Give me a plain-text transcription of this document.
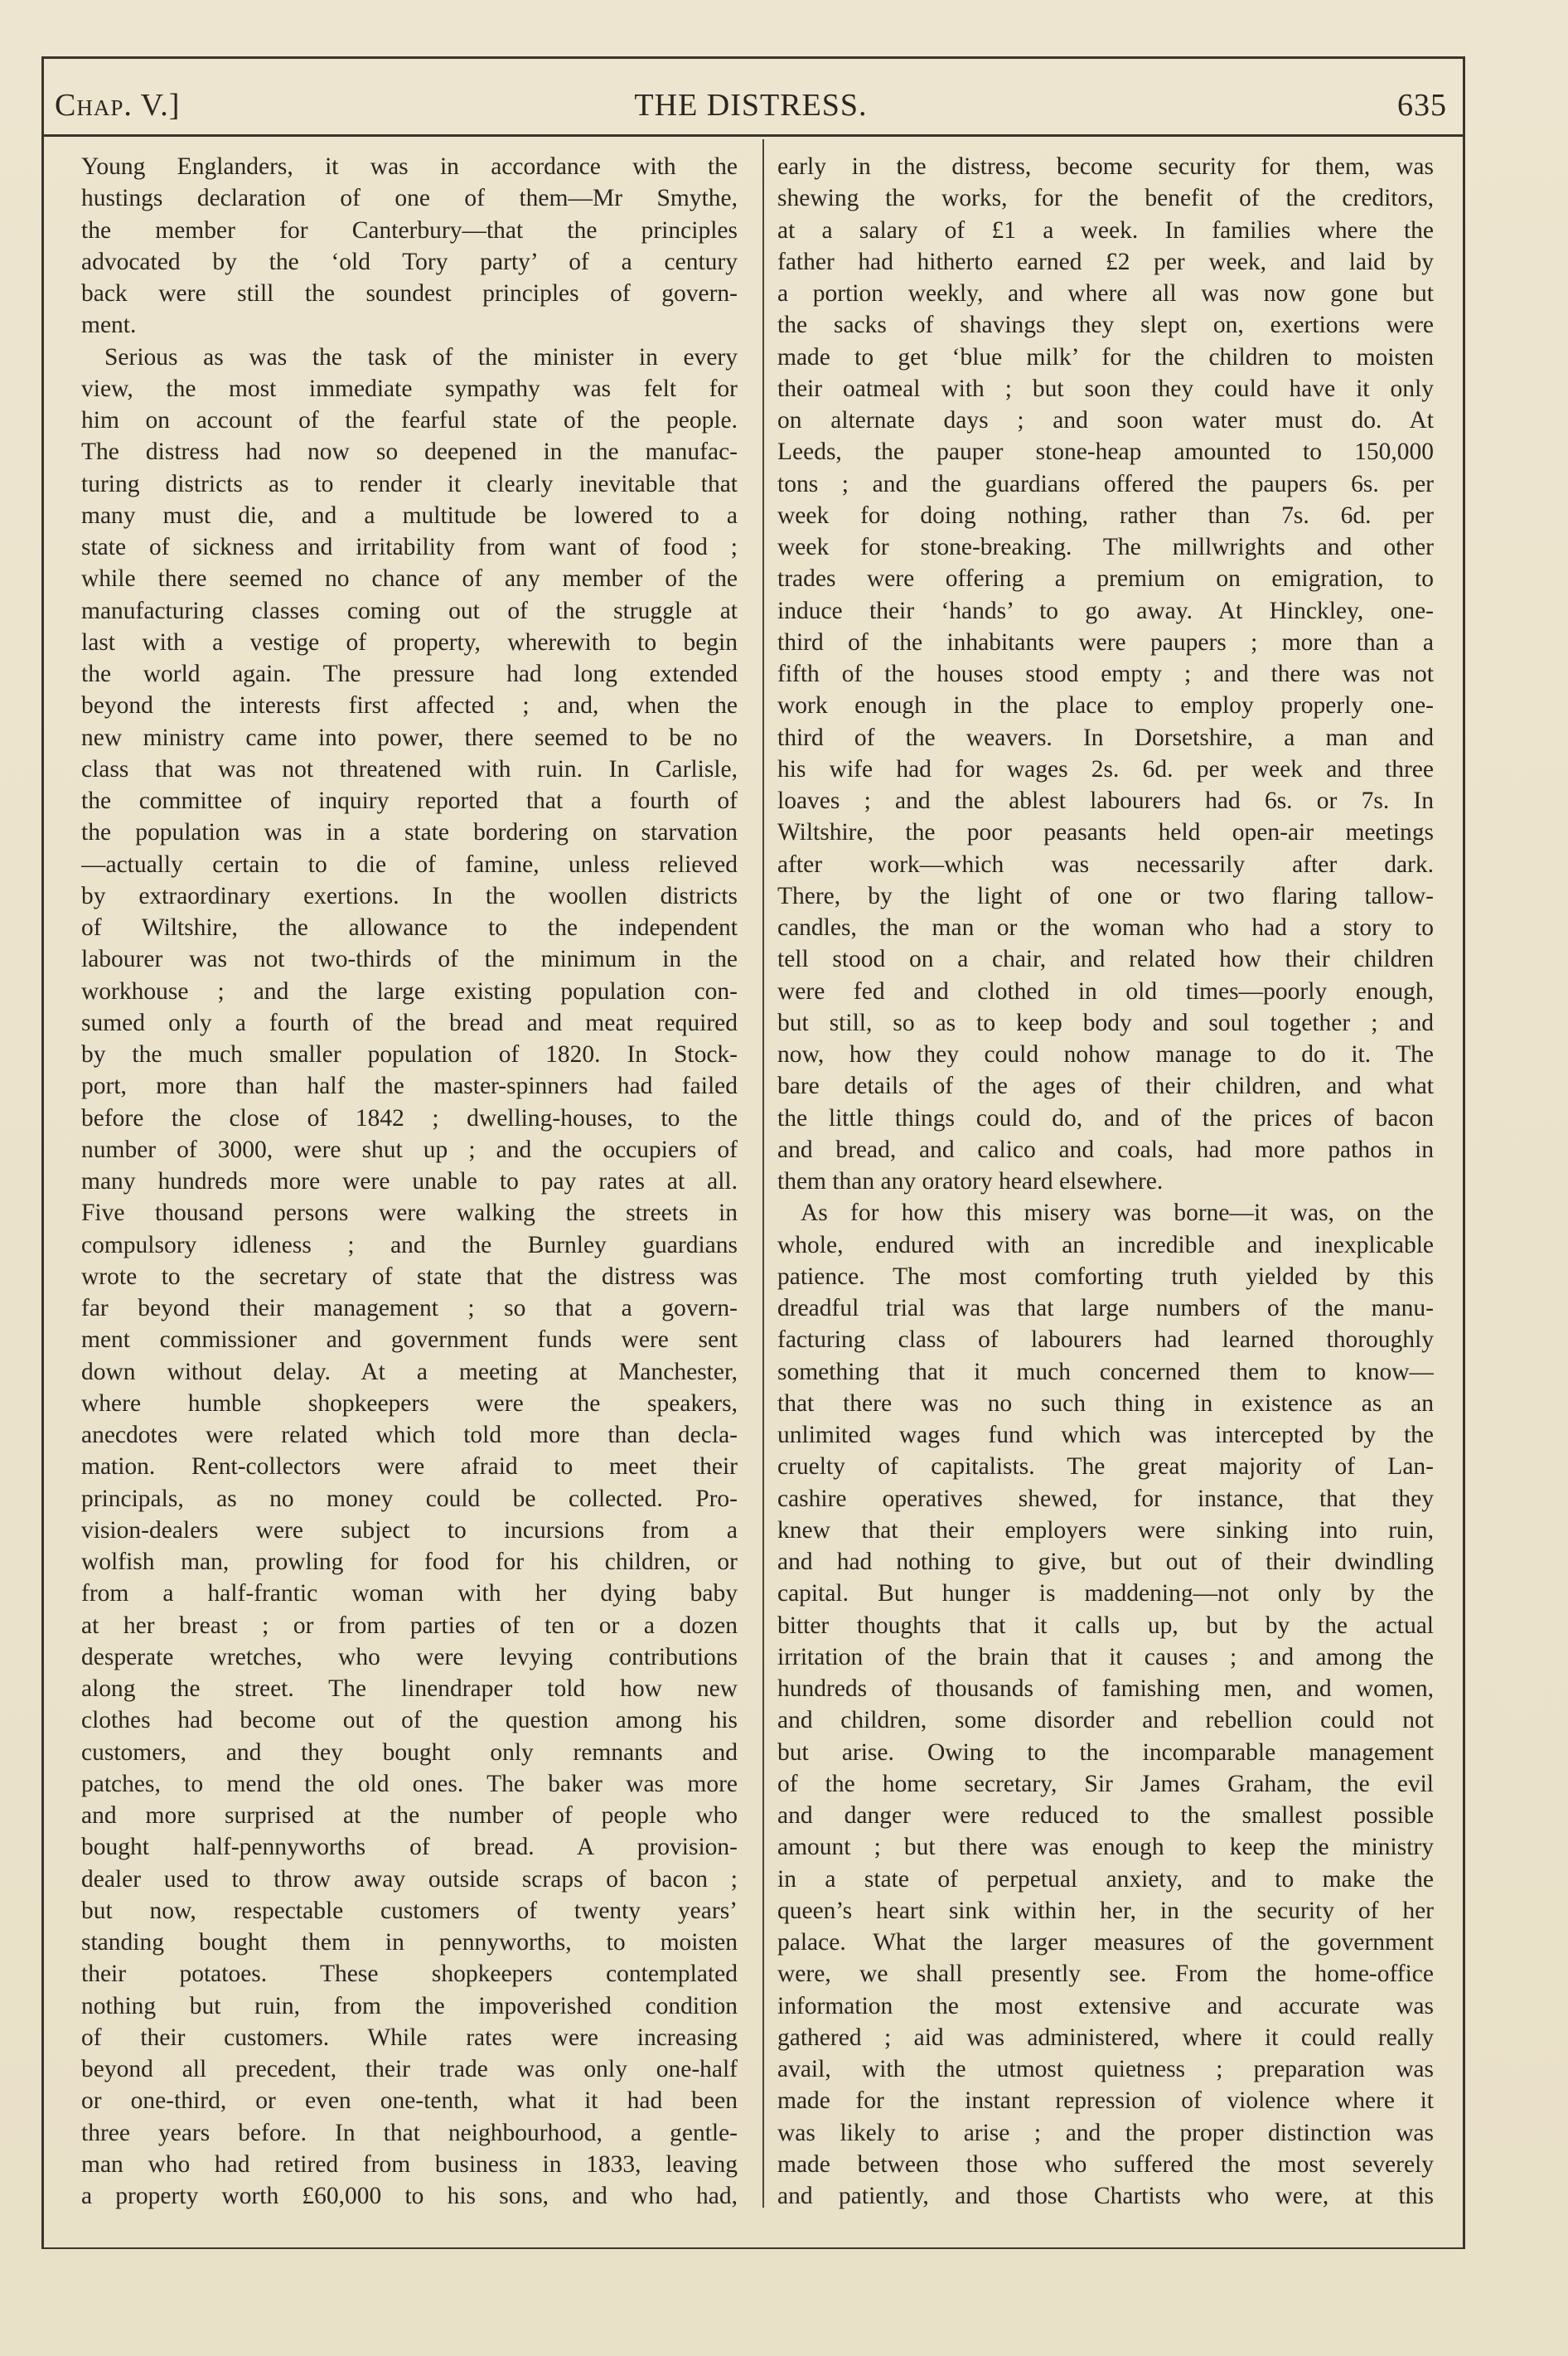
Chap. V.]	THE DISTRESS.	635
Young Englanders, it was in accordance with the
hustings declaration of one of them—Mr Smythe,
the member for Canterbury—that the principles
advocated by the ‘old Tory party’ of a century
back were still the soundest principles of govern-
ment.
Serious as was the task of the minister in every
view, the most immediate sympathy was felt for
him on account of the fearful state of the people.
The distress had now so deepened in the manufac-
turing districts as to render it clearly inevitable that
many must die, and a multitude be lowered to a
state of sickness and irritability from want of food ;
while there seemed no chance of any member of the
manufacturing classes coming out of the struggle at
last with a vestige of property, wherewith to begin
the world again. The pressure had long extended
beyond the interests first affected ; and, when the
new ministry came into power, there seemed to be no
class that was not threatened with ruin. In Carlisle,
the committee of inquiry reported that a fourth of
the population was in a state bordering on starvation
—actually certain to die of famine, unless relieved
by extraordinary exertions. In the woollen districts
of Wiltshire, the allowance to the independent
labourer was not two-thirds of the minimum in the
workhouse ; and the large existing population con-
sumed only a fourth of the bread and meat required
by the much smaller population of 1820. In Stock-
port, more than half the master-spinners had failed
before the close of 1842 ; dwelling-houses, to the
number of 3000, were shut up ; and the occupiers of
many hundreds more were unable to pay rates at all.
Five thousand persons were walking the streets in
compulsory idleness ; and the Burnley guardians
wrote to the secretary of state that the distress was
far beyond their management ; so that a govern-
ment commissioner and government funds were sent
down without delay. At a meeting at Manchester,
where humble shopkeepers were the speakers,
anecdotes were related which told more than decla-
mation. Rent-collectors were afraid to meet their
principals, as no money could be collected. Pro-
vision-dealers were subject to incursions from a
wolfish man, prowling for food for his children, or
from a half-frantic woman with her dying baby
at her breast ; or from parties of ten or a dozen
desperate wretches, who were levying contributions
along the street. The linendraper told how new
clothes had become out of the question among his
customers, and they bought only remnants and
patches, to mend the old ones. The baker was more
and more surprised at the number of people who
bought half-pennyworths of bread. A provision-
dealer used to throw away outside scraps of bacon ;
but now, respectable customers of twenty years’
standing bought them in pennyworths, to moisten
their potatoes. These shopkeepers contemplated
nothing but ruin, from the impoverished condition
of their customers. While rates were increasing
beyond all precedent, their trade was only one-half
or one-third, or even one-tenth, what it had been
three years before. In that neighbourhood, a gentle-
man who had retired from business in 1833, leaving
a property worth £60,000 to his sons, and who had,
early in the distress, become security for them, was
shewing the works, for the benefit of the creditors,
at a salary of £1 a week. In families where the
father had hitherto earned £2 per week, and laid by
a portion weekly, and where all was now gone but
the sacks of shavings they slept on, exertions were
made to get ‘blue milk’ for the children to moisten
their oatmeal with ; but soon they could have it only
on alternate days ; and soon water must do. At
Leeds, the pauper stone-heap amounted to 150,000
tons ; and the guardians offered the paupers 6s. per
week for doing nothing, rather than 7s. 6d. per
week for stone-breaking. The millwrights and other
trades were offering a premium on emigration, to
induce their ‘hands’ to go away. At Hinckley, one-
third of the inhabitants were paupers ; more than a
fifth of the houses stood empty ; and there was not
work enough in the place to employ properly one-
third of the weavers. In Dorsetshire, a man and
his wife had for wages 2s. 6d. per week and three
loaves ; and the ablest labourers had 6s. or 7s. In
Wiltshire, the poor peasants held open-air meetings
after work—which was necessarily after dark.
There, by the light of one or two flaring tallow-
candles, the man or the woman who had a story to
tell stood on a chair, and related how their children
were fed and clothed in old times—poorly enough,
but still, so as to keep body and soul together ; and
now, how they could nohow manage to do it. The
bare details of the ages of their children, and what
the little things could do, and of the prices of bacon
and bread, and calico and coals, had more pathos in
them than any oratory heard elsewhere.
As for how this misery was borne—it was, on the
whole, endured with an incredible and inexplicable
patience. The most comforting truth yielded by this
dreadful trial was that large numbers of the manu-
facturing class of labourers had learned thoroughly
something that it much concerned them to know—
that there was no such thing in existence as an
unlimited wages fund which was intercepted by the
cruelty of capitalists. The great majority of Lan-
cashire operatives shewed, for instance, that they
knew that their employers were sinking into ruin,
and had nothing to give, but out of their dwindling
capital. But hunger is maddening—not only by the
bitter thoughts that it calls up, but by the actual
irritation of the brain that it causes ; and among the
hundreds of thousands of famishing men, and women,
and children, some disorder and rebellion could not
but arise. Owing to the incomparable management
of the home secretary, Sir James Graham, the evil
and danger were reduced to the smallest possible
amount ; but there was enough to keep the ministry
in a state of perpetual anxiety, and to make the
queen’s heart sink within her, in the security of her
palace. What the larger measures of the government
were, we shall presently see. From the home-office
information the most extensive and accurate was
gathered ; aid was administered, where it could really
avail, with the utmost quietness ; preparation was
made for the instant repression of violence where it
was likely to arise ; and the proper distinction was
made between those who suffered the most severely
and patiently, and those Chartists who were, at this
